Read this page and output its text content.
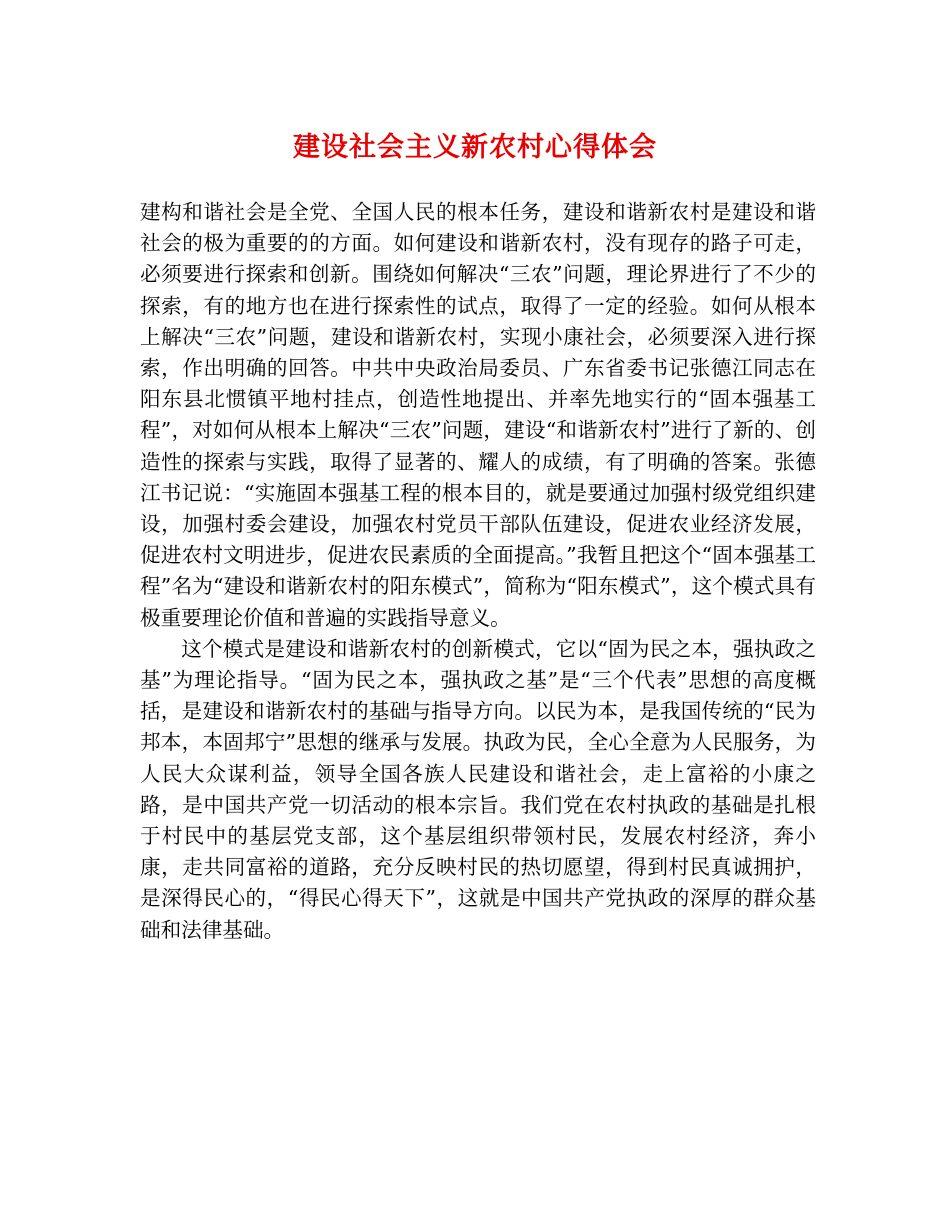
建设社会主义新农村心得体会

建构和谐社会是全党、全国人民的根本任务，建设和谐新农村是建设和谐社会的极为重要的的方面。如何建设和谐新农村，没有现存的路子可走，必须要进行探索和创新。围绕如何解决“三农”问题，理论界进行了不少的探索，有的地方也在进行探索性的试点，取得了一定的经验。如何从根本上解决“三农”问题，建设和谐新农村，实现小康社会，必须要深入进行探索，作出明确的回答。中共中央政治局委员、广东省委书记张德江同志在阳东县北惯镇平地村挂点，创造性地提出、并率先地实行的“固本强基工程”，对如何从根本上解决“三农”问题，建设“和谐新农村”进行了新的、创造性的探索与实践，取得了显著的、耀人的成绩，有了明确的答案。张德江书记说：“实施固本强基工程的根本目的，就是要通过加强村级党组织建设，加强村委会建设，加强农村党员干部队伍建设，促进农业经济发展，促进农村文明进步，促进农民素质的全面提高。”我暂且把这个“固本强基工程”名为“建设和谐新农村的阳东模式”，简称为“阳东模式”，这个模式具有极重要理论价值和普遍的实践指导意义。

这个模式是建设和谐新农村的创新模式，它以“固为民之本，强执政之基”为理论指导。“固为民之本，强执政之基”是“三个代表”思想的高度概括，是建设和谐新农村的基础与指导方向。以民为本，是我国传统的“民为邦本，本固邦宁”思想的继承与发展。执政为民，全心全意为人民服务，为人民大众谋利益，领导全国各族人民建设和谐社会，走上富裕的小康之路，是中国共产党一切活动的根本宗旨。我们党在农村执政的基础是扎根于村民中的基层党支部，这个基层组织带领村民，发展农村经济，奔小康，走共同富裕的道路，充分反映村民的热切愿望，得到村民真诚拥护，是深得民心的，“得民心得天下”，这就是中国共产党执政的深厚的群众基础和法律基础。
